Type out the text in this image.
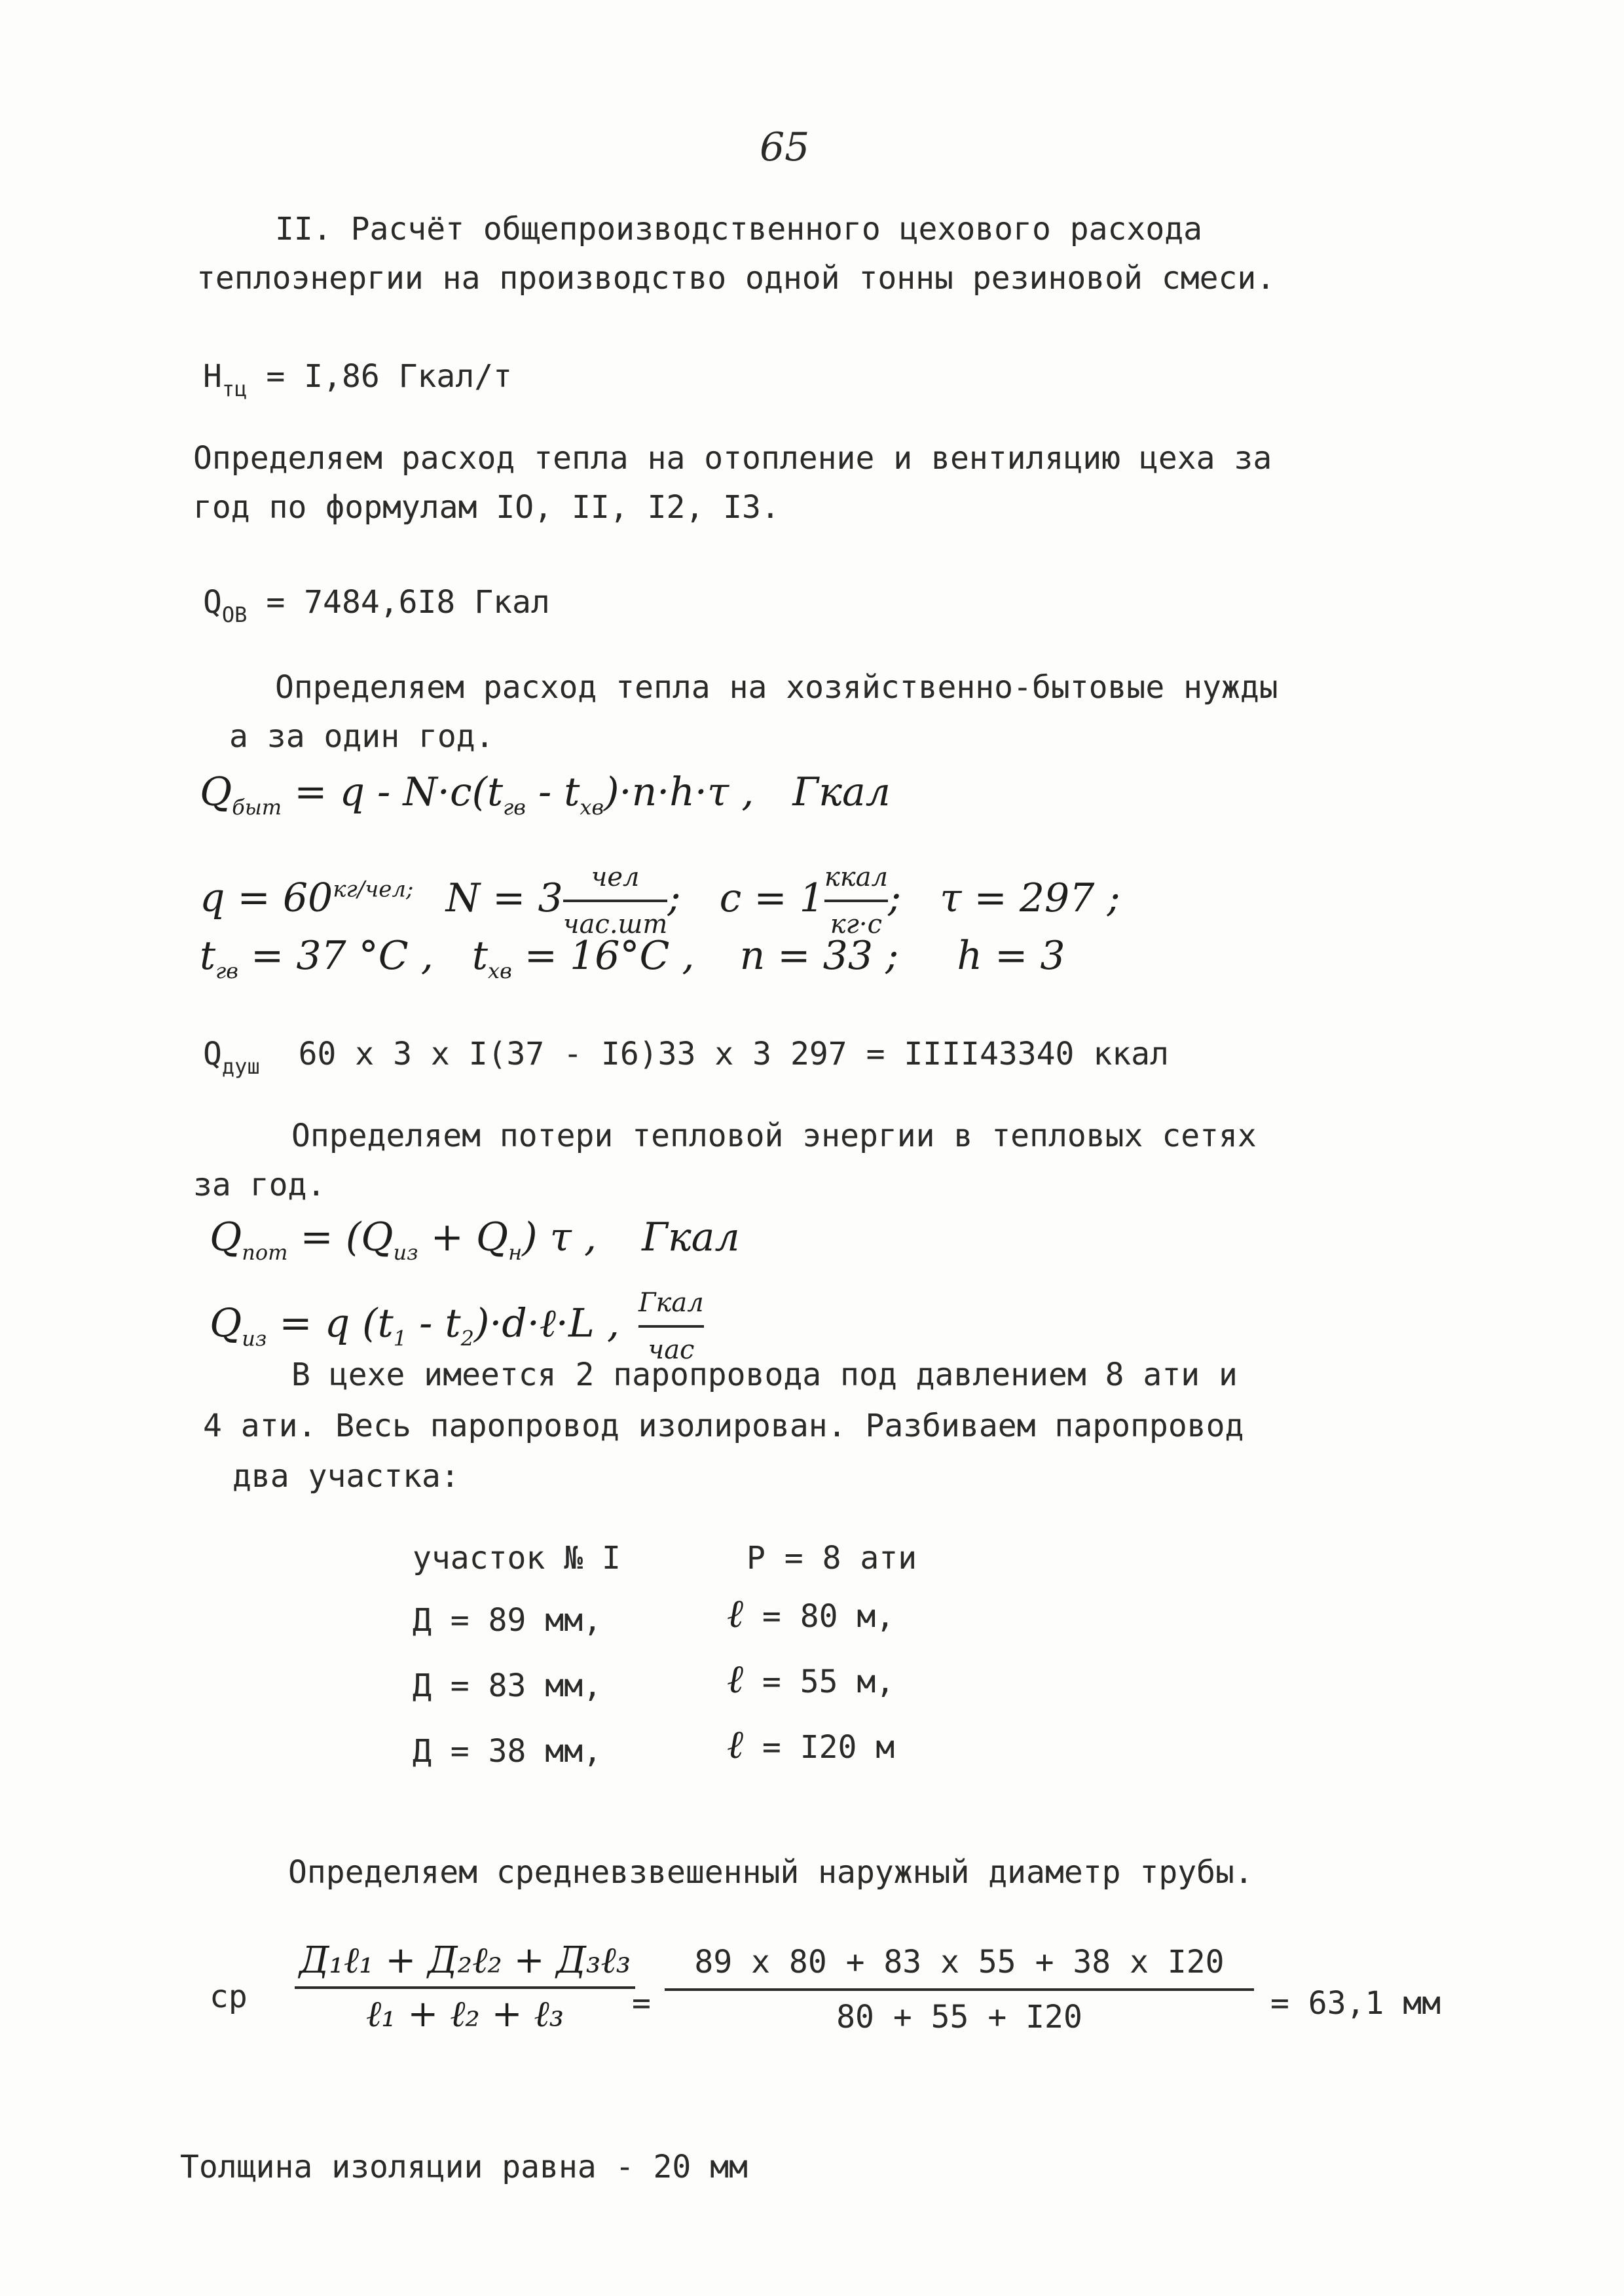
65
II. Расчёт общепроизводственного цехового расхода
теплоэнергии на производство одной тонны резиновой смеси.
$Н_{тц} = I,86$ Гкал/т
Определяем расход тепла на отопление и вентиляцию цеха за
год по формулам IO, II, I2, I3.
$Q_{ОВ} = 7484,6I8$ Гкал
Определяем расход тепла на хозяйственно-бытовые нужды
а за один год.
$Q_{быт} = q - N\cdot c(t_{гв} - t_{хв})\cdot n\cdot h\cdot\tau$ , Гкал
$q = 60^{кг/чел;}$ $N = 3 \frac{\text{чел}}{\text{час.шт}}$ ; $c = 1 \frac{\text{ккал}}{кг\cdot с}$ ; τ = 297 ;
$t_{гв} = 37$ °C , $t_{хв} = 16^\circ C$ , n = 33 ; h = 3
$Q_{душ}$ 60 x 3 x I(37 - I6)33 x 3 297 = IIII43340 ккал
Определяем потери тепловой энергии в тепловых сетях
за год.
$Q_{пот} = (Q_{из} + Q_н)$ τ , Гкал
$Q_{из} = q$ ($t_1$ - $t_2)\cdot d\cdot\ell\cdot L$ , $\frac{\text{Гкал}}{\text{час}}$
В цехе имеется 2 паропровода под давлением 8 ати и
4 ати. Весь паропровод изолирован. Разбиваем паропровод
два участка:
участок № I	Р = 8 ати
Д = 89 мм,	ℓ = 80 м,
Д = 83 мм,	ℓ = 55 м,
Д = 38 мм,	ℓ = I20 м
Определяем средневзвешенный наружный диаметр трубы.
ср
Д₁ℓ₁ + Д₂ℓ₂ + Д₃ℓ₃
ℓ₁ + ℓ₂ + ℓ₃	=
89 x 80 + 83 x 55 + 38 x I20
80 + 55 + I20	= 63,1 мм
Толщина изоляции равна - 20 мм
